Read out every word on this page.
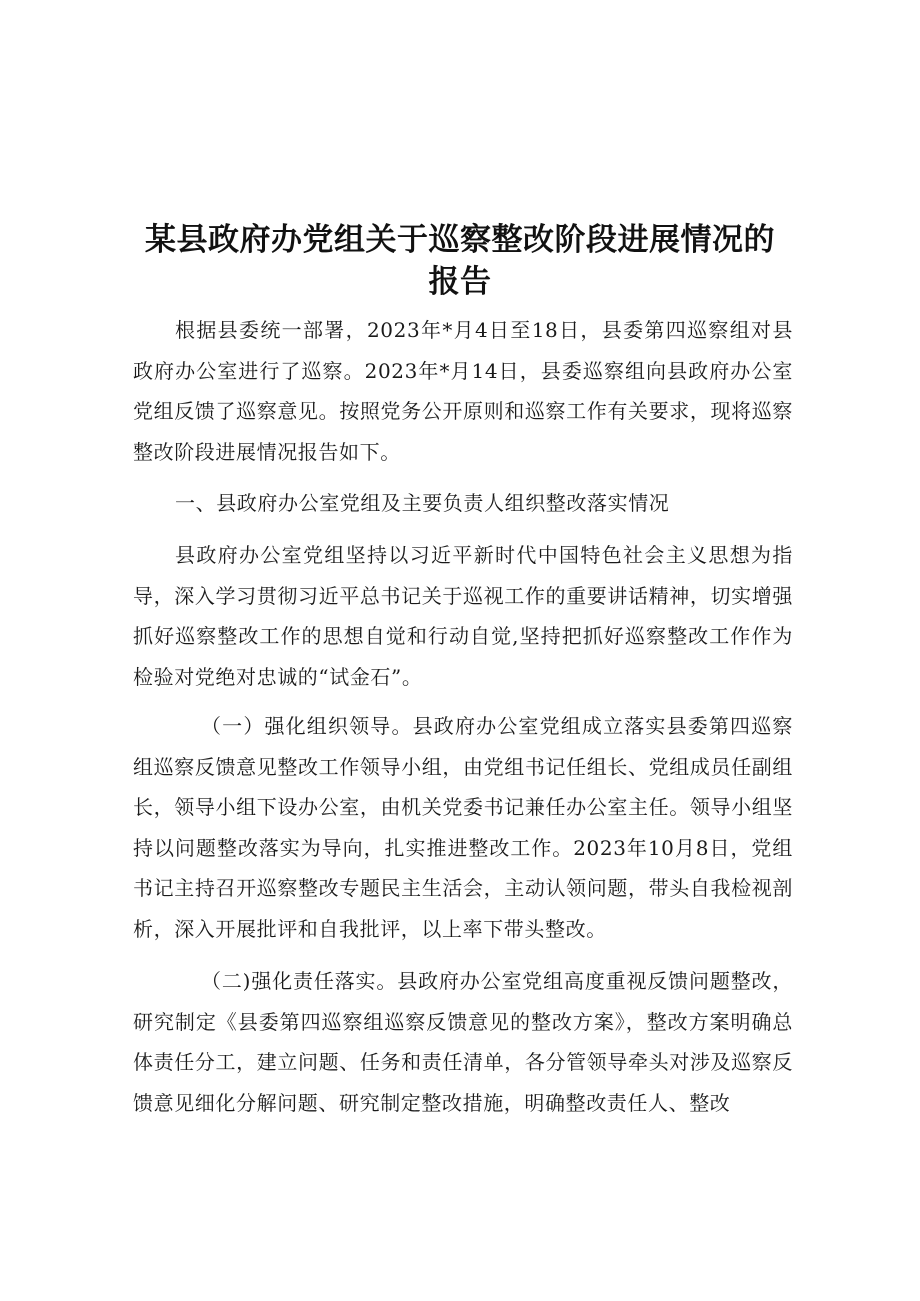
某县政府办党组关于巡察整改阶段进展情况的
报告

根据县委统一部署，2023年*月4日至18日，县委第四巡察组对县政府办公室进行了巡察。2023年*月14日，县委巡察组向县政府办公室党组反馈了巡察意见。按照党务公开原则和巡察工作有关要求，现将巡察整改阶段进展情况报告如下。

一、县政府办公室党组及主要负责人组织整改落实情况

县政府办公室党组坚持以习近平新时代中国特色社会主义思想为指导，深入学习贯彻习近平总书记关于巡视工作的重要讲话精神，切实增强抓好巡察整改工作的思想自觉和行动自觉,坚持把抓好巡察整改工作作为检验对党绝对忠诚的“试金石”。

（一）强化组织领导。县政府办公室党组成立落实县委第四巡察组巡察反馈意见整改工作领导小组，由党组书记任组长、党组成员任副组长，领导小组下设办公室，由机关党委书记兼任办公室主任。领导小组坚持以问题整改落实为导向，扎实推进整改工作。2023年10月8日，党组书记主持召开巡察整改专题民主生活会，主动认领问题，带头自我检视剖析，深入开展批评和自我批评，以上率下带头整改。

（二)强化责任落实。县政府办公室党组高度重视反馈问题整改，研究制定《县委第四巡察组巡察反馈意见的整改方案》，整改方案明确总体责任分工，建立问题、任务和责任清单，各分管领导牵头对涉及巡察反馈意见细化分解问题、研究制定整改措施，明确整改责任人、整改
